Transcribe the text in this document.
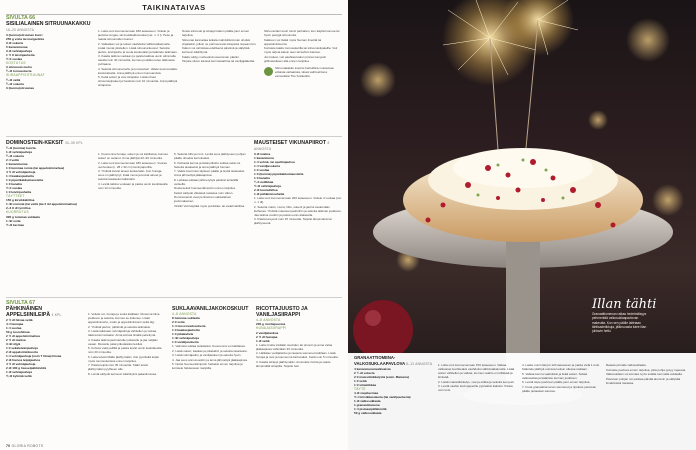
TAIKINATAIVAS
SIVULTA 66
SISILIALAINEN SITRUUNAKAKKU 16–20 ANNOSTA
3 (luomu)sitruunan kuori
250 g voita tai margariinia
3 dl sokeria
5 kananmunaa
3 dl vehnäjauhoja
1 ½ tl leivinjauhetta
½ tl suolaa
KOSTUTUS
3 sitruunan mehu
¾ dl tomusokeria
SIIRAAPPISITRUUNAT
¾ dl vettä
¾ dl sokeria
3 (luomu)sitruunaa
1. Laita uuni kuumenemaan 180 asteeseen. Voitele ja jauhota rengas- tai kuusikakkuvuoka (vet. n. 2 l). Pese ja raasta sitruunoiden kuoret.
2. Vatkataan voi ja sokeri vaahdoksi sähkövatkaimella. Lisää munat yksitellen. Lisää sitruunankuoret. Sekoita jauhot, leivinjauhe ja suola keskenään ja kääntele taikinaan.
3. Kaada taikina vuokaan ja paista kakkua uunin alimmalla tasolla noin 40 minuuttia, kunnes puutikku tulee taikinasta puhtaana.
4. Sekoita sitruunamehu ja tomusokeri. Valele kuuma kakku kostutuksella. Anna jäähtyä ennen kumoamista.
5. Keitä sokeri ja vesi siirapiksi. Lisää ohuet sitruunaviipaleet ja hauduta noin 10 minuuttia. Anna jäähtyä siirapissa.
Nosta sitruunat ja siirappi kakun päälle juuri ennen tarjoilua.
Sitruunat kannattaa leikata mahdollisimman ohuiksi viipaleiksi, jolloin ne pehmenevät siirapissa nopeammin.
Kakun voi valmistaa edellisenä päivänä ja säilyttää kelmuun käärittynä.
Kakku säilyy mehevänä useamman päivän.
Tarjoile siivun kanssa kermavaahtoa tai vaniljajäätelöä.
Sitruunoiden kuori toimii parhaiten, kun käytät luomua tai hyvin pestyjä sitruunoita.
Kakkuun voi lisätä myös hieman limettiä tai appelsiininkuorta.
Koristele kakku tomusokerilla tai sitruunaviipaleilla. Voit myös tarjota kakun teen tai kahvin kanssa.
Jos haluat, voit paahtaa kakun pinnan kevyesti grillivastuksen alla ennen tarjoilua.
Sitruunakakku inspiroi herkullisia muutamaa erilaista variaatiota, tässä vaihtoehtona esimerkiksi The Kotikeittiö.
DOMINOSTEIN-KEKSIT 30–35 KPL
¾ dl (tumma) kuorta
1 dl vehnäjauhoja
¾ dl sokeria
2 rl vettä
1 kananmunaa
1 tl tummaa romia (tai appelsiinimehua)
4 ½ dl vehnäjauhoja
1 rl kaakaojauhetta
1 tl piparikakkumaustetta
1 tl kanelia
½ tl suolaa
1 tl leivinjauhetta
TÄYTTEET
150 g kirsikkahilloa
1 rkl rommia (tai vettä (tai 2 rkl appelsiinimehua)
2–3 tl dl tyrnilloa
KUORRUTUS
300 g tummaa suklaata
1 rkl voita
½ dl kermaa
1. Kuumenna hunaja, sokeri ja voi kattilassa, kunnes sokeri on sulanut. Anna jäähtyä 20–30 minuuttia.
2. Laita uuni kuumenemaan 180 asteeseen. Vuoraa uunivuoka (n. 28 x 32 cm) leivinpaperilla.
3. Yhdistä kuivat aineet keskenään. Kun hunaja-seos on jäähtynyt, lisää muna ja kuivat aineet ja sekoita tasaiseksi taikinaksi.
4. Levitä taikina vuokaan ja paista uunin keskitasolla noin 12 minuuttia.
5. Sekoita hillo ja romi. Levitä seos jäähtyneen pohjan päälle ohueksi kerrokseksi.
6. Kiehauta kerma ja lisää pilkottu suklaa sekä voi. Sekoita tasaiseksi ja anna jäähtyä hieman.
7. Valele kuorrutus täytteen päälle ja levitä tasaiseksi. Anna jähmettyä jääkaapissa.
8. Leikkaa suklaan jähmetyttyä paloiksi terävällä veitsellä.
Nosta keksit huoneenlämpöön ennen tarjoilua.
Keksit säilyvät viileässä rasiassa noin viikon.
Dominosteinit ovat perinteinen saksalainen joulumakeinen.
Vinkki! Voit käyttää myös puolukka- tai vadelmahilloa.
MAUSTEISET VIKUNAPIIROT 8 ANNOSTA
3 dl maitoa
1 kananmuna
1 rl vehnä- tai speltinjauhoa
1 rl vaniljasokeria
1 tl suolaa
1 tl (tumma) piparkakkumaustetta
1 tl kanelia
¼ tl neilikkaa
½ dl vehnäjauhoja
2 dl luumuhilloa
1 dl pähkinärouhetta
1. Laita uuni kuumenemaan 200 asteeseen. Voitele 4 vuokaa (vet. n. 1 dl).
2. Sekoita maito, muna, hillo, sokerit ja jauhot keskenään kulhossa. Yhdistä mausteet jauhoihin ja sekoita taikinan joukkoon. Jaa taikina vuokiin ja paista uunin alatasolla.
3. Paista kevyesti noin 15 minuuttia. Tarjoile lämpimänä tai jäähtyneenä.
SIVULTA 67
PÄHKINÄINEN APPELSIINILEIPÄ 4 KPL
2 ½ dl hiivaa vettä
4 rl hunajaa
1 rl suolaa
50 g tuorehiivaa
2 ½ dl appelsiinimehua
2 ½ dl maitoa
3 rkl öljyä
1 tl sekaleivänjauhoja
2 dl appelsiininkuorta
1 rl vehnäjauhoja (noin 7 litraa) hiivaa
2 dl hienoa leipäjauhoa
4 ½ dl vehnäjauhoja
2 dl 100 g hasselpähkinöitä
1 dl vehnäjauhoja
½ dl kylmää vettä
1. Voitele voi, hunaja ja suola kattilaan. Murenna hiiva joukkoon ja sekoita, kunnes se liukenee. Lisää appelsiinimehu, maito ja appelsiininkuori sekä öljy.
2. Yhdistä jauhot, pähkinät ja sekoita taikinaksi.
3. Lisää taikinaan vehnäjauhoja vähitellen ja vaivaa taikina kimmoisaksi. Anna kohota liinalla peitettynä.
4. Kaada taikina jauhotetulle työtasolle ja jaa neljään osaan. Muotoile palat pitkulaisiksi leiviksi.
5. Kohota vielä pellillä ja paista leivät uunin keskitasolla noin 20 minuuttia.
6. Laita leivät ritilälle jäähtymään. Voit pyöritellä leipiä myös tomusokerissa ennen tarjoilua.
7. Paista leipiä noin 45 minuuttia. Kääri leivät jäähtymään pyyhkeen alle.
8. Leivät säilyvät kelmuun käärittyinä pakastimessa.
SUKLAAVANILJAKOKOSKUUT
4–8 ANNOSTA
8 tummaa suklaata
2 tl voita
1 rl muscovadosokeria
1 tl kaakaojauhetta
1 tl pikakahvia
1 rkl vehnäjauhoja
1 tl vanilijasokeria
1. Valmista suklaa suikaleiksi. Kuumenna voi kattilassa.
2. Lisää sokeri, kaakao ja pikakahvi ja sekoita tasaiseksi.
3. Lisää vehnäjauho ja vaniljasokeri ja sekoita hyvin.
4. Jaa seos annosvuokiin ja anna jähmettyä jääkaapissa.
5. Nosta huoneenlämpöön hetkeksi ennen tarjoilua ja koristele halutessasi marjoilla.
RICOTTAJUUSTO JA VANILJASIIRAPPI
4–8 ANNOSTA
200 g ricottajuustoa
HUNAJASIIRAPPI
2 vaniljatankoa
2 ½ dl hunajaa
1 dl vettä
1. Laita ricotta siivilään sieviiden tai pinnoin ja anna valua jääkaapissa vähintään 30 minuuttia.
2. Halkaise vaniljatanko ja raaputa siemenet kattilaan. Lisää hunaja ja vesi ja kuumenna kiehuvaksi. Keitä noin 5 minuuttia.
3. Kaada siirappi jäähtymään. Annostele ricotta ja valele lämpimällä siirapilla. Tarjoile heti.
70 GLORIA ROBOTS
Illan tähti
Granaattiomenan raikas hedelmäisyys pehmentää valkosuklaapavlovan makeutta. Kun sen päälle laitetaan tähtisadetikkuja, jälkiruoasta tulee illan juhlavin hetki.
GRANAATTIOMENA-VALKOSUKLAAPAVLOVA 8–12 ANNOSTA
4 kananmunanvalkuaista
2 ¼ dl sokeria
2 tl maissitärkkelystä (esim. Maizena)
1 tl vettä
1 tl viinietikkaa
TÄYTE
4 dl vispikermaa
½ rl kirsikkasokeria (tai vaniljasokeria)
1 dl valkosuklaata
1 granaattiomena
1 rl pistaasipähkinöitä
50 g valkosuklaata
1. Laita uuni kuumenemaan 150 asteeseen. Vatkaa valkuaiset kuohkeaksi vaahdoksi sähkövatkaimella. Lisää sokeri vähitellen ja vatkaa, kunnes vaahto on kiiltävää ja kiinteää.
2. Lisää maissitärkkelys, vesi ja etikka ja sekoita kevyesti.
3. Levitä vaahto leivinpaperille pyöreäksi kakuksi. Paista noin tunti.
4. Laske uunin lämpö 120 asteeseen ja paista vielä 1 tunti. Kääntele jäähtyä uunissa luukun ollessa raollaan.
5. Vatkaa kerma vaahdoksi ja lisää sokeri. Sulata valkosuklaa ja kääntele kerman joukkoon.
6. Levitä täyte pavlovan päälle juuri ennen tarjoilua.
7. Irrota granaattiomenan siemenet ja ripottele pavlovan päälle pistaasien kanssa.
Raasta pinnalle valkosuklaata.
Koristele pavlova ennen tarjoilua, jotta pohja pysyy rapeana.
Valkosuklaan voi korvata myös sulalla tummalla suklaalla.
Pavlovan pohjan voi paistaa päivää aiemmin ja säilyttää ilmatiiviissä rasiassa.
